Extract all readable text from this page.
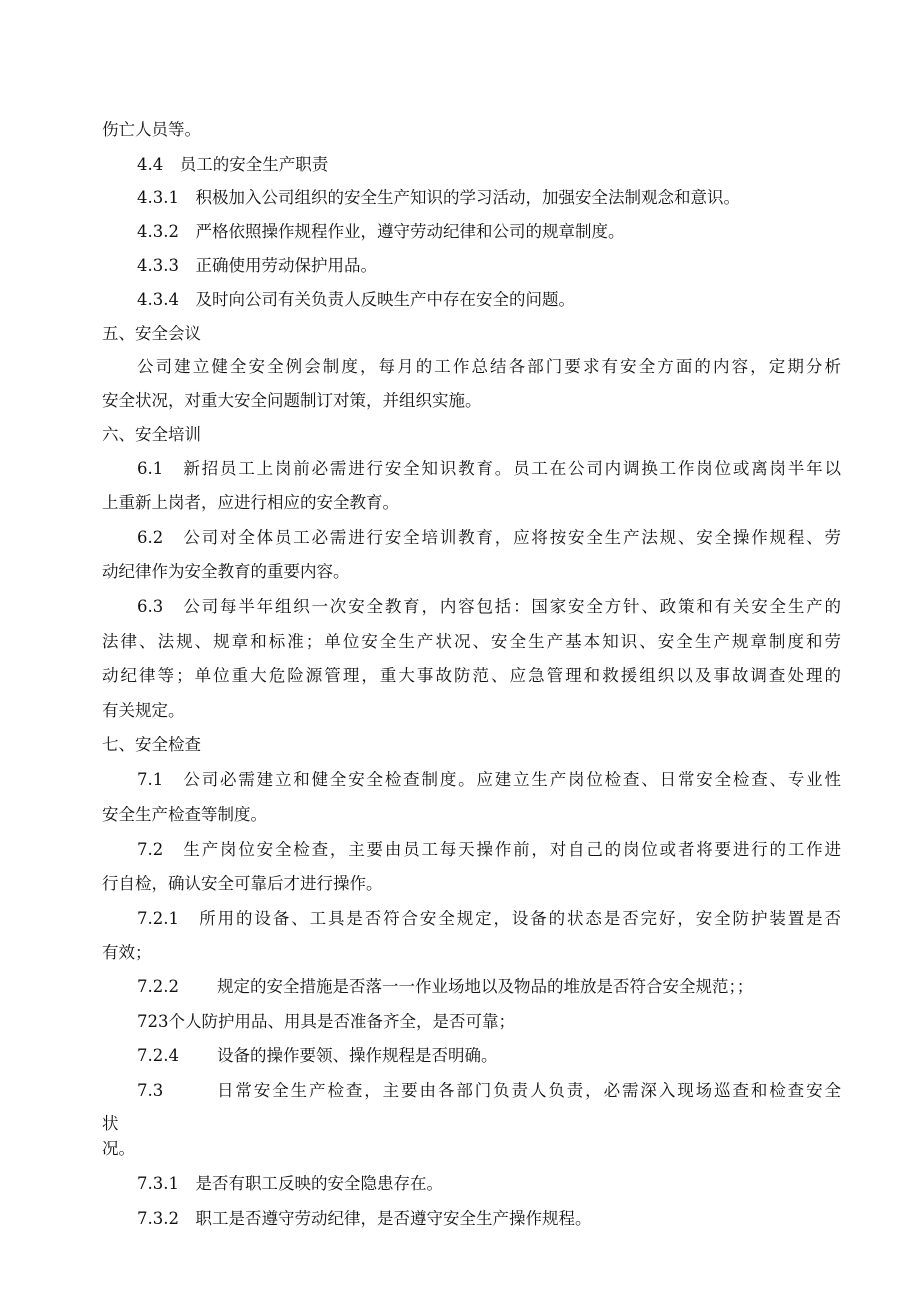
伤亡人员等。
4.4　员工的安全生产职责
4.3.1　积极加入公司组织的安全生产知识的学习活动，加强安全法制观念和意识。
4.3.2　严格依照操作规程作业，遵守劳动纪律和公司的规章制度。
4.3.3　正确使用劳动保护用品。
4.3.4　及时向公司有关负责人反映生产中存在安全的问题。
五、安全会议
公司建立健全安全例会制度，每月的工作总结各部门要求有安全方面的内容，定期分析
安全状况，对重大安全问题制订对策，并组织实施。
六、安全培训
6.1　新招员工上岗前必需进行安全知识教育。员工在公司内调换工作岗位或离岗半年以
上重新上岗者，应进行相应的安全教育。
6.2　公司对全体员工必需进行安全培训教育，应将按安全生产法规、安全操作规程、劳
动纪律作为安全教育的重要内容。
6.3　公司每半年组织一次安全教育，内容包括：国家安全方针、政策和有关安全生产的
法律、法规、规章和标准；单位安全生产状况、安全生产基本知识、安全生产规章制度和劳
动纪律等；单位重大危险源管理，重大事故防范、应急管理和救援组织以及事故调查处理的
有关规定。
七、安全检查
7.1　公司必需建立和健全安全检查制度。应建立生产岗位检查、日常安全检查、专业性
安全生产检查等制度。
7.2　生产岗位安全检查，主要由员工每天操作前，对自己的岗位或者将要进行的工作进
行自检，确认安全可靠后才进行操作。
7.2.1　所用的设备、工具是否符合安全规定，设备的状态是否完好，安全防护装置是否
有效；
7.2.2 规定的安全措施是否落一一作业场地以及物品的堆放是否符合安全规范；；
723个人防护用品、用具是否准备齐全，是否可靠；
7.2.4 设备的操作要领、操作规程是否明确。
7.3	日常安全生产检查，主要由各部门负责人负责，必需深入现场巡查和检查安全
状
况。
7.3.1　是否有职工反映的安全隐患存在。
7.3.2　职工是否遵守劳动纪律，是否遵守安全生产操作规程。
